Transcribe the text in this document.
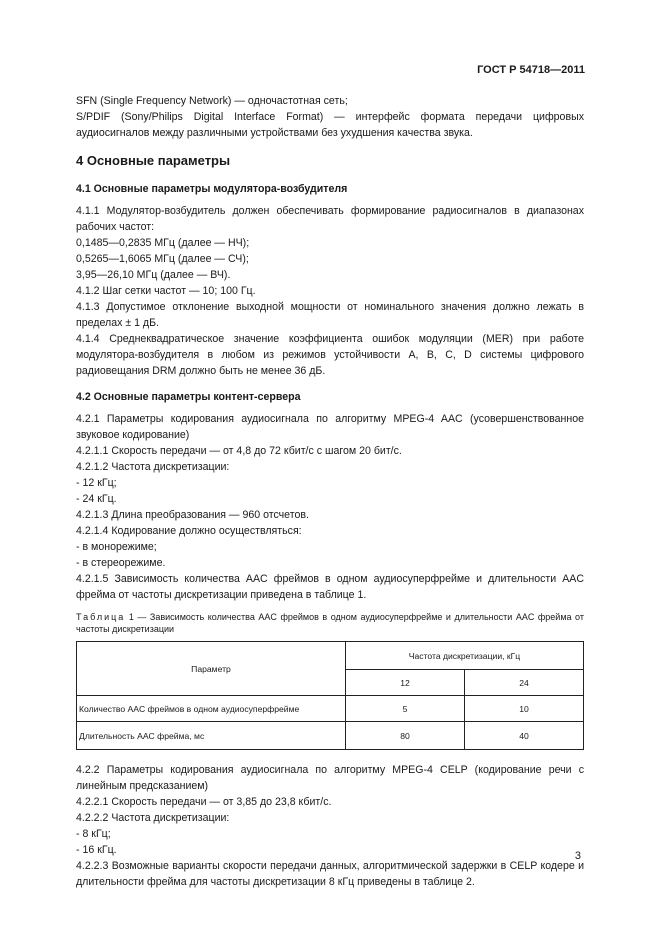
ГОСТ Р 54718—2011

SFN (Single Frequency Network) — одночастотная сеть;

S/PDIF (Sony/Philips Digital Interface Format) — интерфейс формата передачи цифровых аудиосигналов между различными устройствами без ухудшения качества звука.

4 Основные параметры
4.1 Основные параметры модулятора-возбудителя

4.1.1 Модулятор-возбудитель должен обеспечивать формирование радиосигналов в диапазонах рабочих частот:

0,1485—0,2835 МГц (далее — НЧ);

0,5265—1,6065 МГц (далее — СЧ);

3,95—26,10 МГц (далее — ВЧ).

4.1.2 Шаг сетки частот — 10; 100 Гц.

4.1.3 Допустимое отклонение выходной мощности от номинального значения должно лежать в пределах ± 1 дБ.

4.1.4 Среднеквадратическое значение коэффициента ошибок модуляции (MER) при работе модулятора-возбудителя в любом из режимов устойчивости A, B, C, D системы цифрового радиовещания DRM должно быть не менее 36 дБ.

4.2 Основные параметры контент-сервера

4.2.1 Параметры кодирования аудиосигнала по алгоритму MPEG-4 AAC (усовершенствованное звуковое кодирование)

4.2.1.1 Скорость передачи — от 4,8 до 72 кбит/с с шагом 20 бит/с.

4.2.1.2 Частота дискретизации:

- 12 кГц;

- 24 кГц.

4.2.1.3 Длина преобразования — 960 отсчетов.

4.2.1.4 Кодирование должно осуществляться:

- в монорежиме;

- в стереорежиме.

4.2.1.5 Зависимость количества AAC фреймов в одном аудиосуперфрейме и длительности AAC фрейма от частоты дискретизации приведена в таблице 1.

Таблица 1 — Зависимость количества AAC фреймов в одном аудиосуперфрейме и длительности AAC фрейма от частоты дискретизации

Параметр	Частота дискретизации, кГц	
	12	24
Количество AAC фреймов в одном аудиосуперфрейме	5	10
Длительность AAC фрейма, мс	80	40

4.2.2 Параметры кодирования аудиосигнала по алгоритму MPEG-4 CELP (кодирование речи с линейным предсказанием)

4.2.2.1 Скорость передачи — от 3,85 до 23,8 кбит/с.

4.2.2.2 Частота дискретизации:

- 8 кГц;

- 16 кГц.

4.2.2.3 Возможные варианты скорости передачи данных, алгоритмической задержки в CELP кодере и длительности фрейма для частоты дискретизации 8 кГц приведены в таблице 2.

3
